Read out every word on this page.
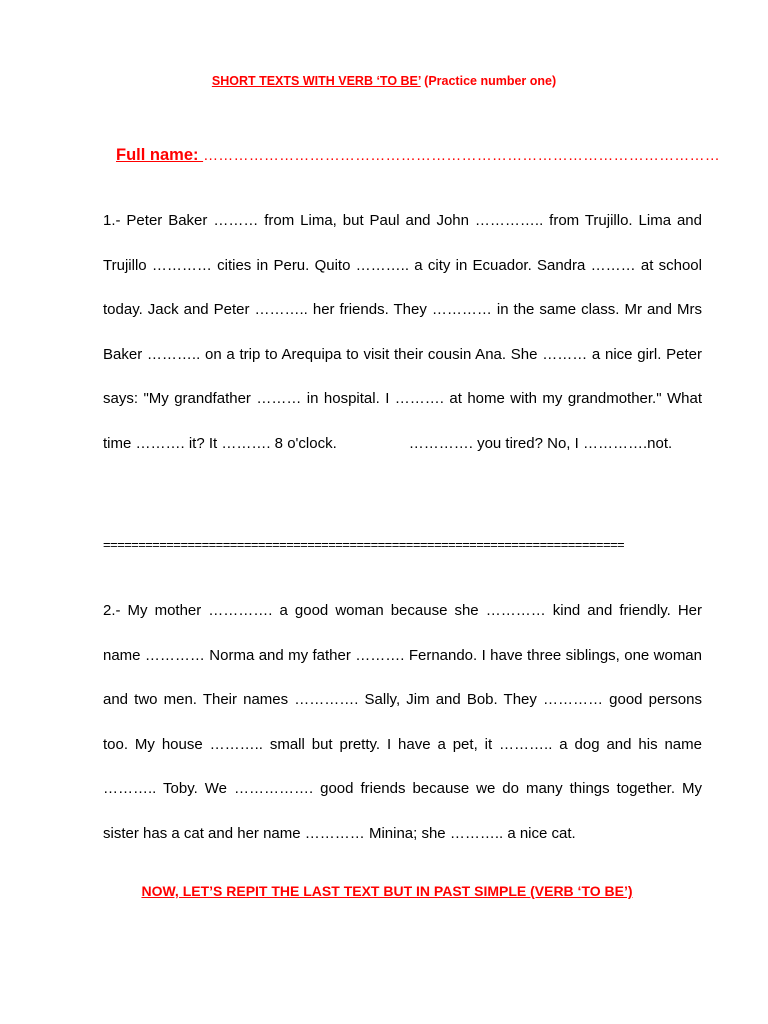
SHORT TEXTS WITH VERB ‘TO BE’ (Practice number one)
Full name: …………………………………………………………………………………………
1.- Peter Baker ……… from Lima, but Paul and John ………….. from Trujillo. Lima and Trujillo ………… cities in Peru. Quito ……….. a city in Ecuador. Sandra ……… at school today. Jack and Peter ……….. her friends. They ………… in the same class. Mr and Mrs Baker ……….. on a trip to Arequipa to visit their cousin Ana. She ……… a nice girl. Peter says: "My grandfather ……… in hospital. I ………. at home with my grandmother." What time ………. it? It ………. 8 o'clock.	…………. you tired? No, I ………….not.
==========================================================================
2.- My mother …………. a good woman because she ………… kind and friendly. Her name ………… Norma and my father ………. Fernando. I have three siblings, one woman and two men. Their names …………. Sally, Jim and Bob. They ………… good persons too. My house ……….. small but pretty. I have a pet, it ……….. a dog and his name ……….. Toby. We ……………. good friends because we do many things together. My sister has a cat and her name ………… Minina; she ……….. a nice cat.
NOW, LET’S REPIT THE LAST TEXT BUT IN PAST SIMPLE (VERB ‘TO BE’)
